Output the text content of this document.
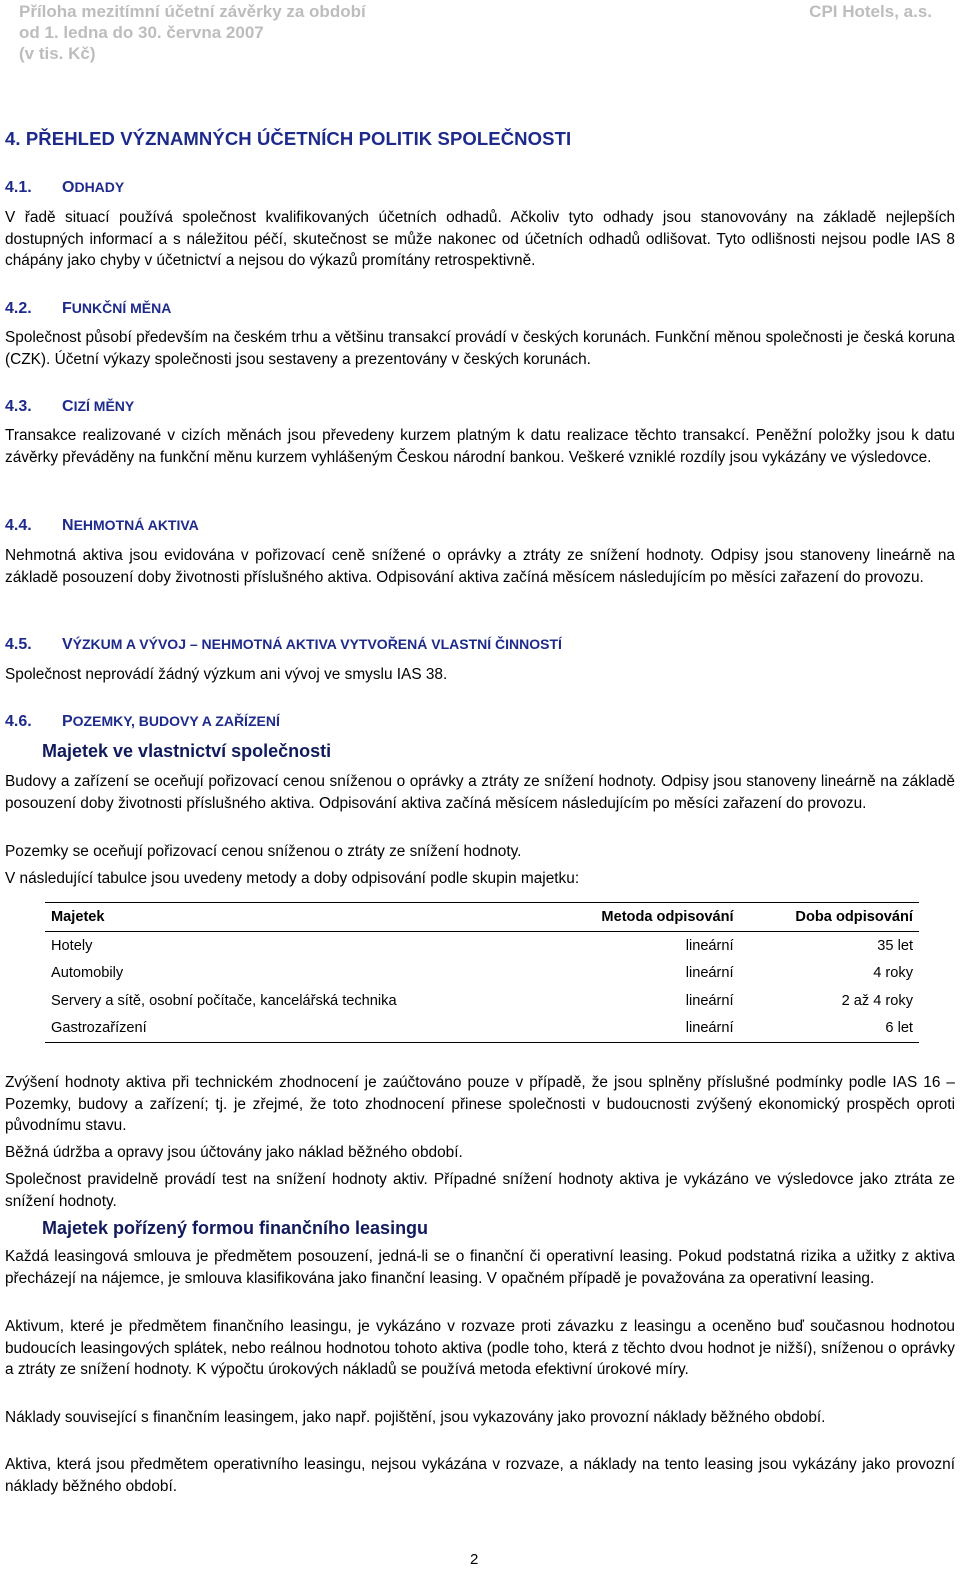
Příloha mezitímní účetní závěrky za období
od 1. ledna do 30. června 2007
(v tis. Kč)
CPI Hotels, a.s.
4. PŘEHLED VÝZNAMNÝCH ÚČETNÍCH POLITIK SPOLEČNOSTI
4.1. ODHADY
V řadě situací používá společnost kvalifikovaných účetních odhadů. Ačkoliv tyto odhady jsou stanovovány na základě nejlepších dostupných informací a s náležitou péčí, skutečnost se může nakonec od účetních odhadů odlišovat. Tyto odlišnosti nejsou podle IAS 8 chápány jako chyby v účetnictví a nejsou do výkazů promítány retrospektivně.
4.2. FUNKČNÍ MĚNA
Společnost působí především na českém trhu a většinu transakcí provádí v českých korunách. Funkční měnou společnosti je česká koruna (CZK). Účetní výkazy společnosti jsou sestaveny a prezentovány v českých korunách.
4.3. CIZÍ MĚNY
Transakce realizované v cizích měnách jsou převedeny kurzem platným k datu realizace těchto transakcí. Peněžní položky jsou k datu závěrky převáděny na funkční měnu kurzem vyhlášeným Českou národní bankou. Veškeré vzniklé rozdíly jsou vykázány ve výsledovce.
4.4. NEHMOTNÁ AKTIVA
Nehmotná aktiva jsou evidována v pořizovací ceně snížené o oprávky a ztráty ze snížení hodnoty. Odpisy jsou stanoveny lineárně na základě posouzení doby životnosti příslušného aktiva. Odpisování aktiva začíná měsícem následujícím po měsíci zařazení do provozu.
4.5. VÝZKUM A VÝVOJ – NEHMOTNÁ AKTIVA VYTVOŘENÁ VLASTNÍ ČINNOSTÍ
Společnost neprovádí žádný výzkum ani vývoj ve smyslu IAS 38.
4.6. POZEMKY, BUDOVY A ZAŘÍZENÍ
Majetek ve vlastnictví společnosti
Budovy a zařízení se oceňují pořizovací cenou sníženou o oprávky a ztráty ze snížení hodnoty. Odpisy jsou stanoveny lineárně na základě posouzení doby životnosti příslušného aktiva. Odpisování aktiva začíná měsícem následujícím po měsíci zařazení do provozu.
Pozemky se oceňují pořizovací cenou sníženou o ztráty ze snížení hodnoty.
V následující tabulce jsou uvedeny metody a doby odpisování podle skupin majetku:
Majetek	Metoda odpisování	Doba odpisování
Hotely	lineární	35 let
Automobily	lineární	4 roky
Servery a sítě, osobní počítače, kancelářská technika	lineární	2 až 4 roky
Gastrozařízení	lineární	6 let
Zvýšení hodnoty aktiva při technickém zhodnocení je zaúčtováno pouze v případě, že jsou splněny příslušné podmínky podle IAS 16 – Pozemky, budovy a zařízení; tj. je zřejmé, že toto zhodnocení přinese společnosti v budoucnosti zvýšený ekonomický prospěch oproti původnímu stavu.
Běžná údržba a opravy jsou účtovány jako náklad běžného období.
Společnost pravidelně provádí test na snížení hodnoty aktiv. Případné snížení hodnoty aktiva je vykázáno ve výsledovce jako ztráta ze snížení hodnoty.
Majetek pořízený formou finančního leasingu
Každá leasingová smlouva je předmětem posouzení, jedná-li se o finanční či operativní leasing. Pokud podstatná rizika a užitky z aktiva přecházejí na nájemce, je smlouva klasifikována jako finanční leasing. V opačném případě je považována za operativní leasing.
Aktivum, které je předmětem finančního leasingu, je vykázáno v rozvaze proti závazku z leasingu a oceněno buď současnou hodnotou budoucích leasingových splátek, nebo reálnou hodnotou tohoto aktiva (podle toho, která z těchto dvou hodnot je nižší), sníženou o oprávky a ztráty ze snížení hodnoty. K výpočtu úrokových nákladů se používá metoda efektivní úrokové míry.
Náklady související s finančním leasingem, jako např. pojištění, jsou vykazovány jako provozní náklady běžného období.
Aktiva, která jsou předmětem operativního leasingu, nejsou vykázána v rozvaze, a náklady na tento leasing jsou vykázány jako provozní náklady běžného období.
2
